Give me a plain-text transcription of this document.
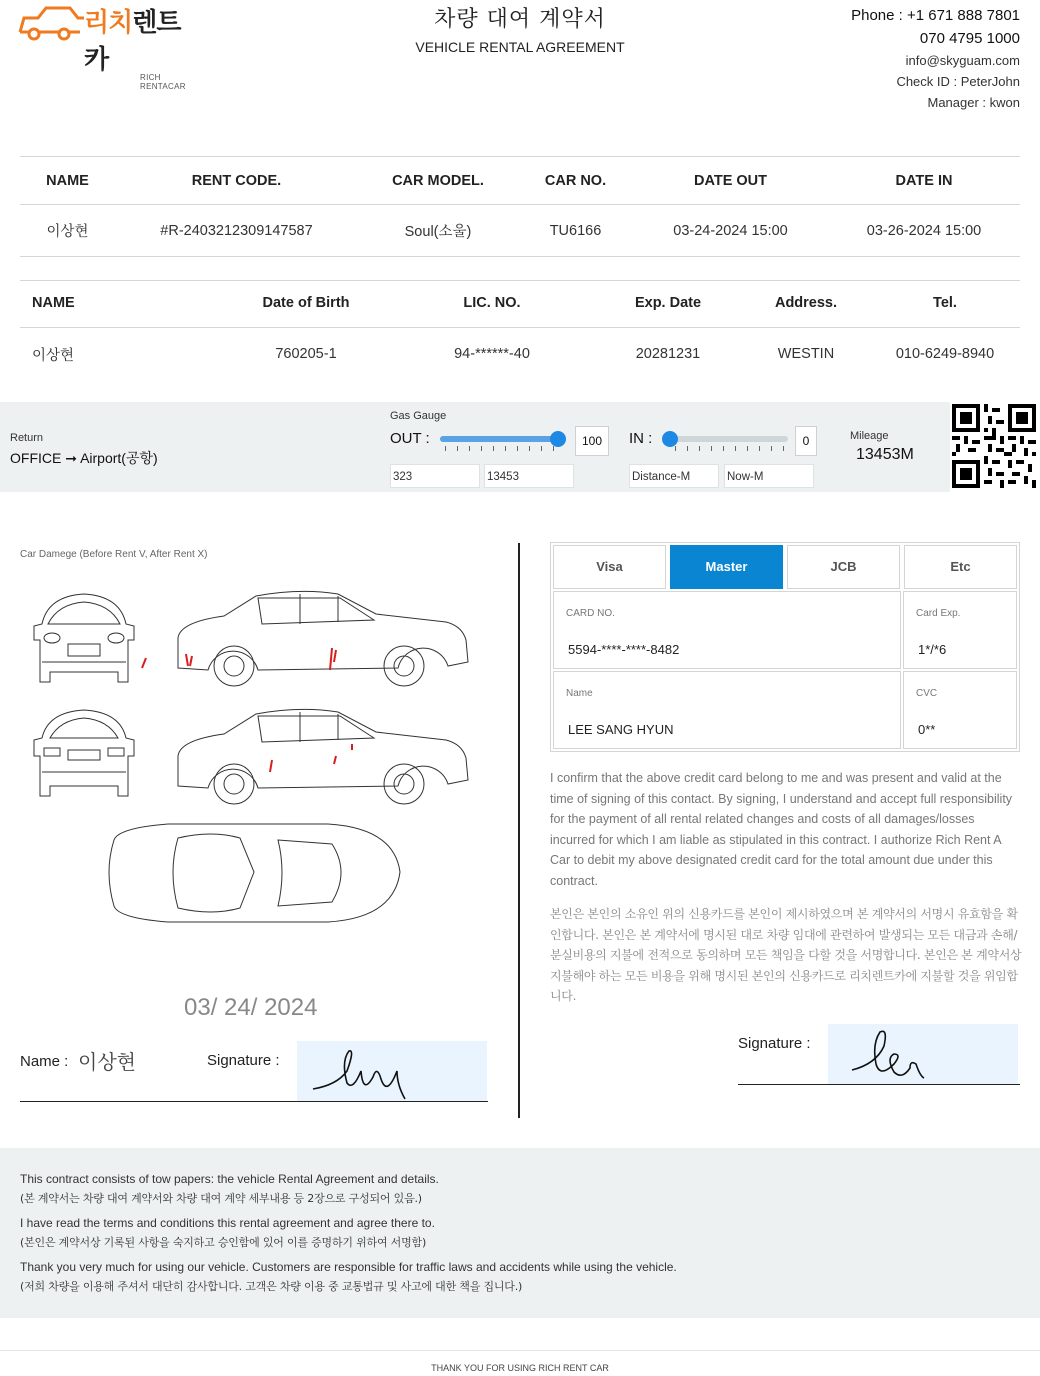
리치렌트카
RICH RENTACAR
차량 대여 계약서
VEHICLE RENTAL AGREEMENT
Phone : +1 671 888 7801
070 4795 1000
info@skyguam.com
Check ID : PeterJohn
Manager : kwon
NAME	RENT CODE.	CAR MODEL.	CAR NO.	DATE OUT	DATE IN
이상현	#R-2403212309147587	Soul(소울)	TU6166	03-24-2024 15:00	03-26-2024 15:00
NAME	Date of Birth	LIC. NO.	Exp. Date	Address.	Tel.
이상현	760205-1	94-******-40	20281231	WESTIN	010-6249-8940
Return
OFFICE ➞ Airport(공항)
Gas Gauge
OUT :	100	IN :	0
323	13453	Distance-M	Now-M
Mileage
13453M
Car Damege (Before Rent V, After Rent X)
03/ 24/ 2024
Name : 이상현	Signature :
Visa	Master	JCB	Etc
CARD NO.
5594-****-****-8482
Card Exp.
1*/*6
Name
LEE SANG HYUN
CVC
0**
I confirm that the above credit card belong to me and was present and valid at the time of signing of this contact. By signing, I understand and accept full responsibility for the payment of all rental related changes and costs of all damages/losses incurred for which I am liable as stipulated in this contract. I authorize Rich Rent A Car to debit my above designated credit card for the total amount due under this contract.
본인은 본인의 소유인 위의 신용카드를 본인이 제시하였으며 본 계약서의 서명시 유효함을 확인합니다. 본인은 본 계약서에 명시된 대로 차량 임대에 관련하여 발생되는 모든 대금과 손해/분실비용의 지불에 전적으로 동의하며 모든 책임을 다할 것을 서명합니다. 본인은 본 계약서상 지불해야 하는 모든 비용을 위해 명시된 본인의 신용카드로 리치렌트카에 지불할 것을 위임합니다.
Signature :

This contract consists of tow papers: the vehicle Rental Agreement and details.

(본 계약서는 차량 대여 계약서와 차량 대여 계약 세부내용 등 2장으로 구성되어 있음.)

I have read the terms and conditions this rental agreement and agree there to.

(본인은 계약서상 기록된 사항을 숙지하고 승인함에 있어 이를 증명하기 위하여 서명함)

Thank you very much for using our vehicle. Customers are responsible for traffic laws and accidents while using the vehicle.

(저희 차량을 이용해 주셔서 대단히 감사합니다. 고객은 차량 이용 중 교통법규 및 사고에 대한 책을 집니다.)

THANK YOU FOR USING RICH RENT CAR
